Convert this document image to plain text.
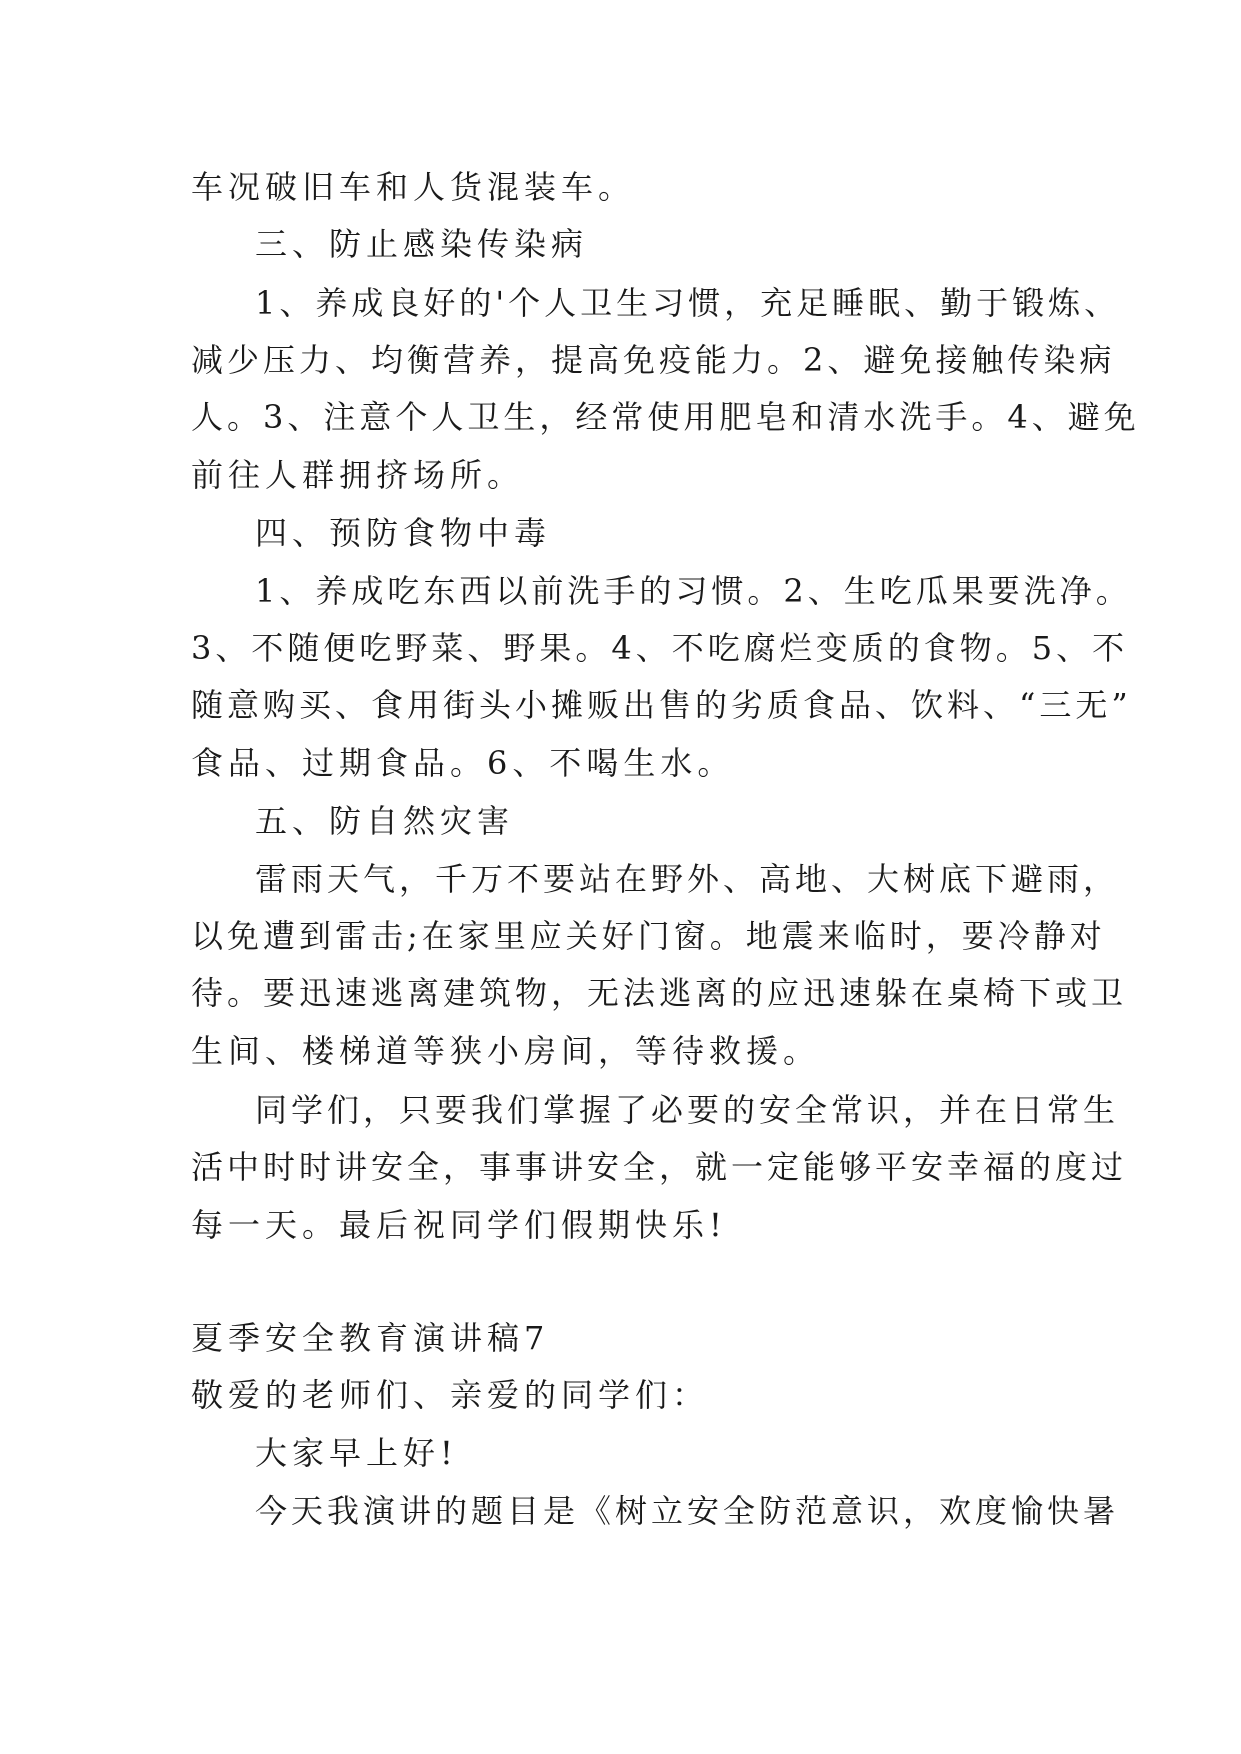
车况破旧车和人货混装车。
三、防止感染传染病
1、养成良好的'个人卫生习惯，充足睡眠、勤于锻炼、
减少压力、均衡营养，提高免疫能力。2、避免接触传染病
人。3、注意个人卫生，经常使用肥皂和清水洗手。4、避免
前往人群拥挤场所。
四、预防食物中毒
1、养成吃东西以前洗手的习惯。2、生吃瓜果要洗净。
3、不随便吃野菜、野果。4、不吃腐烂变质的食物。5、不
随意购买、食用街头小摊贩出售的劣质食品、饮料、“三无”
食品、过期食品。6、不喝生水。
五、防自然灾害
雷雨天气，千万不要站在野外、高地、大树底下避雨，
以免遭到雷击;在家里应关好门窗。地震来临时，要冷静对
待。要迅速逃离建筑物，无法逃离的应迅速躲在桌椅下或卫
生间、楼梯道等狭小房间，等待救援。
同学们，只要我们掌握了必要的安全常识，并在日常生
活中时时讲安全，事事讲安全，就一定能够平安幸福的度过
每一天。最后祝同学们假期快乐!
夏季安全教育演讲稿7
敬爱的老师们、亲爱的同学们：
大家早上好!
今天我演讲的题目是《树立安全防范意识，欢度愉快暑
